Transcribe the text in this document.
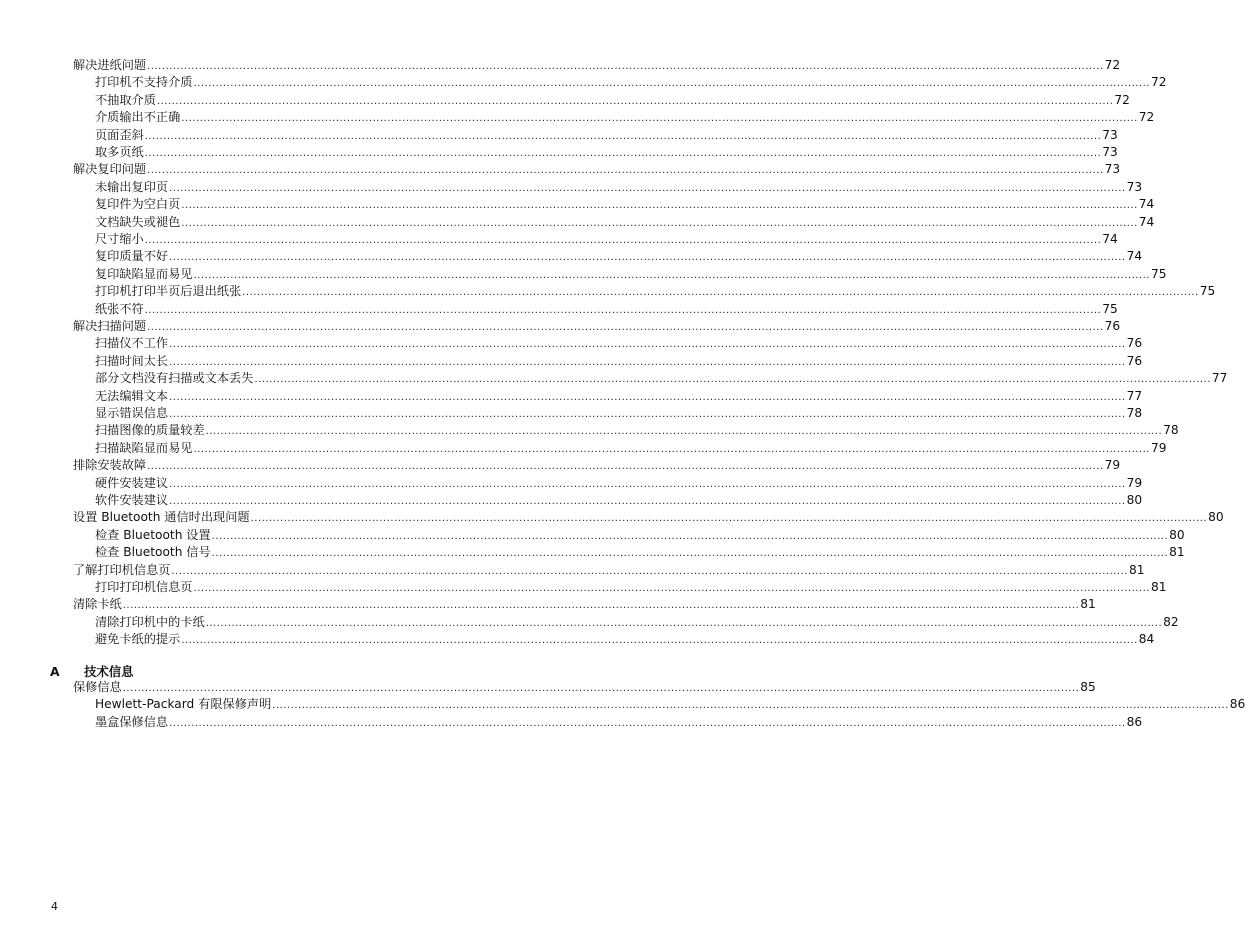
解决进纸问题 .................................................................................................................................................................................................................................................................... 72
打印机不支持介质 .................................................................................................................................................................................................................................................................... 72
不抽取介质 .................................................................................................................................................................................................................................................................... 72
介质输出不正确 .................................................................................................................................................................................................................................................................... 72
页面歪斜 .................................................................................................................................................................................................................................................................... 73
取多页纸 .................................................................................................................................................................................................................................................................... 73
解决复印问题 .................................................................................................................................................................................................................................................................... 73
未输出复印页 .................................................................................................................................................................................................................................................................... 73
复印件为空白页 .................................................................................................................................................................................................................................................................... 74
文档缺失或褪色 .................................................................................................................................................................................................................................................................... 74
尺寸缩小 .................................................................................................................................................................................................................................................................... 74
复印质量不好 .................................................................................................................................................................................................................................................................... 74
复印缺陷显而易见 .................................................................................................................................................................................................................................................................... 75
打印机打印半页后退出纸张 .................................................................................................................................................................................................................................................................... 75
纸张不符 .................................................................................................................................................................................................................................................................... 75
解决扫描问题 .................................................................................................................................................................................................................................................................... 76
扫描仪不工作 .................................................................................................................................................................................................................................................................... 76
扫描时间太长 .................................................................................................................................................................................................................................................................... 76
部分文档没有扫描或文本丢失 .................................................................................................................................................................................................................................................................... 77
无法编辑文本 .................................................................................................................................................................................................................................................................... 77
显示错误信息 .................................................................................................................................................................................................................................................................... 78
扫描图像的质量较差 .................................................................................................................................................................................................................................................................... 78
扫描缺陷显而易见 .................................................................................................................................................................................................................................................................... 79
排除安装故障 .................................................................................................................................................................................................................................................................... 79
硬件安装建议 .................................................................................................................................................................................................................................................................... 79
软件安装建议 .................................................................................................................................................................................................................................................................... 80
设置 Bluetooth 通信时出现问题 .................................................................................................................................................................................................................................................................... 80
检查 Bluetooth 设置 .................................................................................................................................................................................................................................................................... 80
检查 Bluetooth 信号 .................................................................................................................................................................................................................................................................... 81
了解打印机信息页 .................................................................................................................................................................................................................................................................... 81
打印打印机信息页 .................................................................................................................................................................................................................................................................... 81
清除卡纸 .................................................................................................................................................................................................................................................................... 81
清除打印机中的卡纸 .................................................................................................................................................................................................................................................................... 82
避免卡纸的提示 .................................................................................................................................................................................................................................................................... 84
保修信息 .................................................................................................................................................................................................................................................................... 85
Hewlett-Packard 有限保修声明 .................................................................................................................................................................................................................................................................... 86
墨盒保修信息 .................................................................................................................................................................................................................................................................... 86
A 技术信息
4
